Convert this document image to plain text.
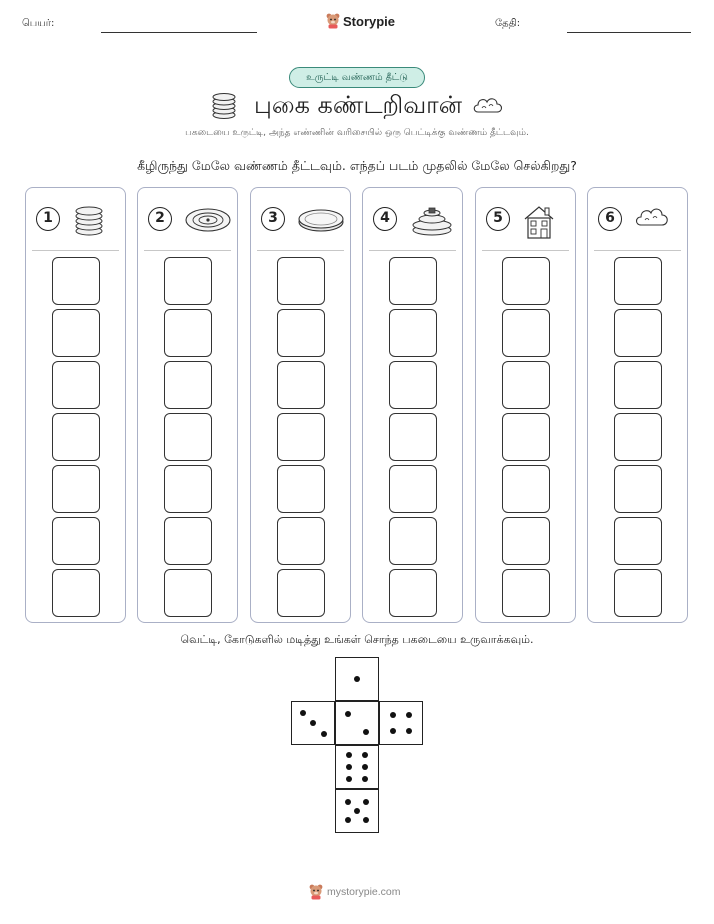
பெயர்:	தேதி:
Storypie
உருட்டி வண்ணம் தீட்டு
புகை கண்டறிவான்
பகடையை உருட்டி, அந்த எண்ணின் வரிசையில் ஒரு பெட்டிக்கு வண்ணம் தீட்டவும்.
கீழிருந்து மேலே வண்ணம் தீட்டவும். எந்தப் படம் முதலில் மேலே செல்கிறது?
1	2	3	4	5	6
வெட்டி, கோடுகளில் மடித்து உங்கள் சொந்த பகடையை உருவாக்கவும்.
mystorypie.com
